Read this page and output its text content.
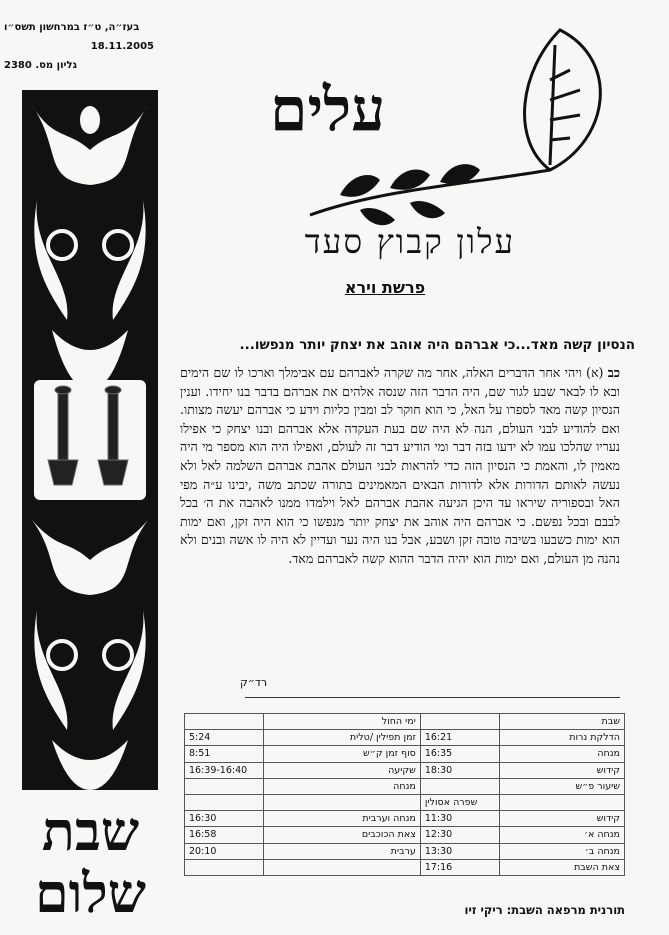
בעז״ה, ט״ז במרחשון תשס״ו
18.11.2005
גליון מס. 2380
שבת
שלום
עלים
עלון קבוץ סעד
פרשת וירא
הנסיון קשה מאד...כי אברהם היה אוהב את יצחק יותר מנפשו...
כב (א) ויהי אחר הדברים האלה, אחר מה שקרה לאברהם עם אבימלך וארכו לו שם הימים ובא לו לבאר שבע לגור שם, היה הדבר הזה שנסה אלהים את אברהם בדבר בנו יחידו. וענין הנסיון קשה מאד לספרו על האל, כי הוא חוקר לב ומבין כליות וידע כי אברהם יעשה מצותו. ואם להודיע לבני העולם, הנה לא היה שם בעת העקדה אלא אברהם ובנו יצחק כי אפילו נעריו שהלכו עמו לא ידעו בזה דבר ומי הודיע דבר זה לעולם, ואפילו היה הוא מספר מי היה מאמין לו, והאמת כי הנסיון הזה כדי להראות לבני העולם אהבת אברהם השלמה לאל ולא נעשה לאותם הדורות אלא לדורות הבאים המאמינים בתורה שכתב משה ,יבינו ע״ה מפי האל ובספוריה שיראו עד היכן הגיעה אהבת אברהם לאל וילמדו ממנו לאהבה את ה׳ בכל לבבם ובכל נפשם. כי אברהם היה אוהב את יצחק יותר מנפשו כי הוא היה זקן, ואם ימות הוא ימות כשבעו בשיבה טובה זקן ושבע, אבל בנו היה נער ועדיין לא היה לו אשה ובנים ולא נהנה מן העולם, ואם ימות הוא יהיה הדבר ההוא קשה לאברהם מאד.
רד״ק
	ימי החול		שבת
5:24	זמן תפילין /טלית	16:21	הדלקת נרות
8:51	סוף זמן ק״ש	16:35	מנחה
16:39-16:40	שקיעה	18:30	קידוש
	מנחה		שיעור פ״ש
		שפרה אסולין	
16:30	מנחה וערבית	11:30	קידוש
16:58	צאת הכוכבים	12:30	מנחה א׳
20:10	ערבית	13:30	מנחה ב׳
		17:16	צאת השבת
תורנית מרפאה השבת: ריקי זיו
